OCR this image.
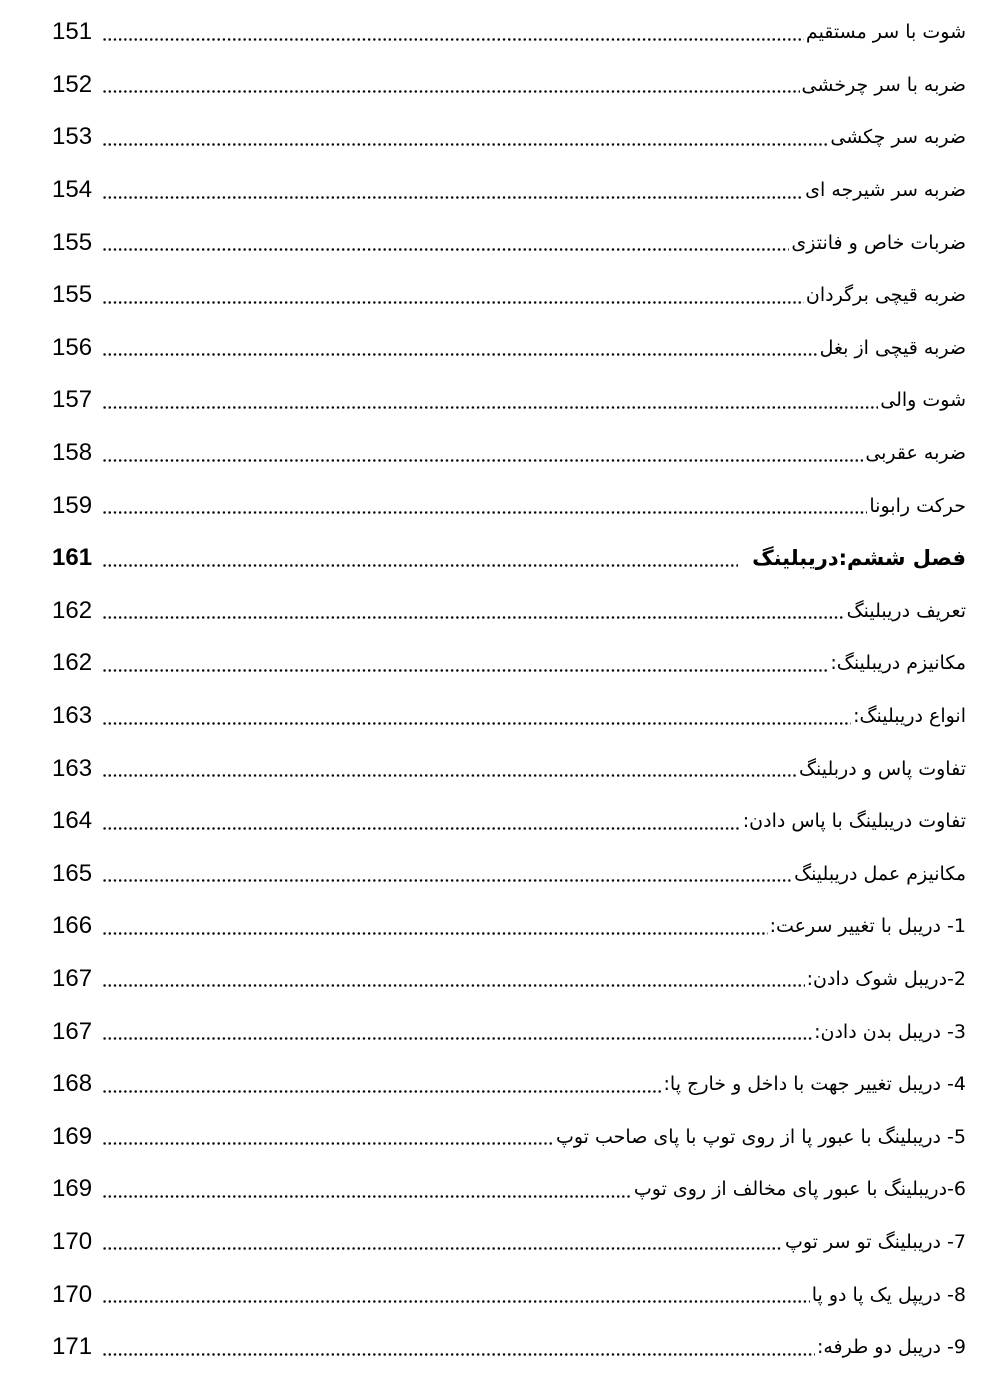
151	شوت با سر مستقیم
152	ضربه با سر چرخشی
153	ضربه سر چکشی
154	ضربه سر شیرجه ای
155	ضربات خاص و فانتزی
155	ضربه قیچی برگردان
156	ضربه قیچی از بغل
157	شوت والی
158	ضربه عقربی
159	حرکت رابونا
161	فصل ششم:دریبلینگ
162	تعریف دریبلینگ
162	مکانیزم دریبلینگ:
163	انواع دریبلینگ:
163	تفاوت پاس و دربلینگ
164	تفاوت دریبلینگ با پاس دادن:
165	مکانیزم عمل دریبلینگ
166	1- دریبل با تغییر سرعت:
167	2-دریبل شوک دادن:
167	3- دریبل بدن دادن:
168	4- دریبل تغییر جهت با داخل و خارج پا:
169	5- دریبلینگ با عبور پا از روی توپ با پای صاحب توپ
169	6-دریبلینگ با عبور پای مخالف از روی توپ
170	7- دریبلینگ تو سر توپ
170	8- دریپل یک پا دو پا
171	9- دریبل دو طرفه:
